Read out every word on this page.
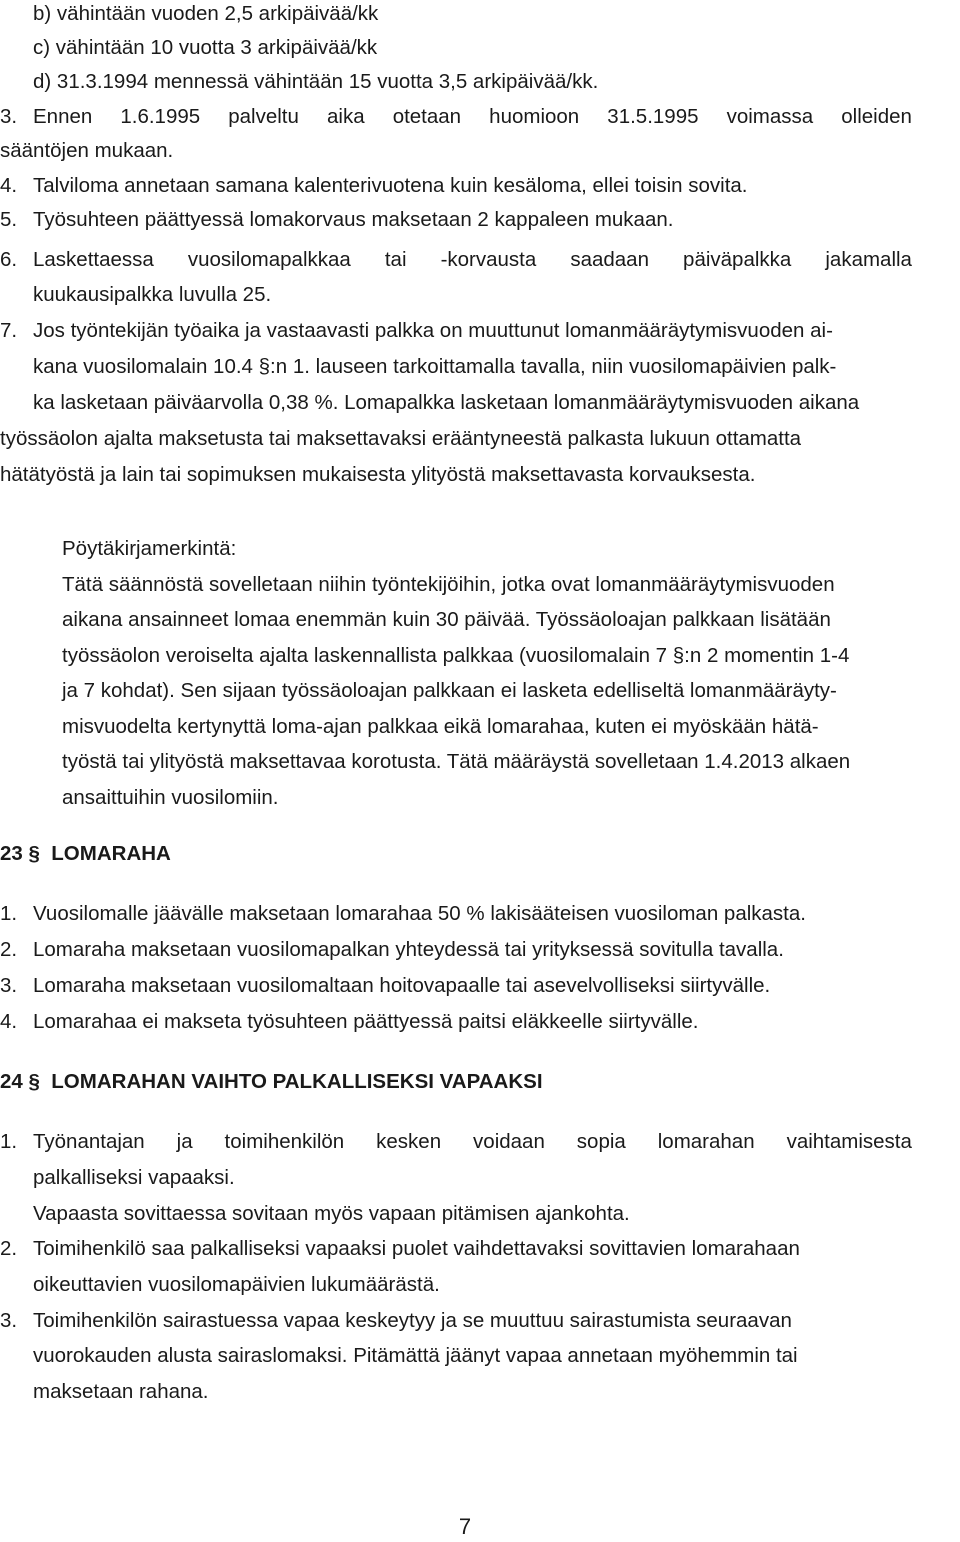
b) vähintään vuoden 2,5 arkipäivää/kk

c) vähintään 10 vuotta 3 arkipäivää/kk

d) 31.3.1994 mennessä vähintään 15 vuotta 3,5 arkipäivää/kk.

3. Ennen 1.6.1995 palveltu aika otetaan huomioon 31.5.1995 voimassa olleiden

sääntöjen mukaan.

4. Talviloma annetaan samana kalenterivuotena kuin kesäloma, ellei toisin sovita.
5. Työsuhteen päättyessä lomakorvaus maksetaan 2 kappaleen mukaan.
6. Laskettaessa vuosilomapalkkaa tai -korvausta saadaan päiväpalkka jakamalla

kuukausipalkka luvulla 25.

7. Jos työntekijän työaika ja vastaavasti palkka on muuttunut lomanmääräytymisvuoden ai-

kana vuosilomalain 10.4 §:n 1. lauseen tarkoittamalla tavalla, niin vuosilomapäivien palk-

ka lasketaan päiväarvolla 0,38 %. Lomapalkka lasketaan lomanmääräytymisvuoden aikana

työssäolon ajalta maksetusta tai maksettavaksi erääntyneestä palkasta lukuun ottamatta

hätätyöstä ja lain tai sopimuksen mukaisesta ylityöstä maksettavasta korvauksesta.

Pöytäkirjamerkintä:

Tätä säännöstä sovelletaan niihin työntekijöihin, jotka ovat lomanmääräytymisvuoden

aikana ansainneet lomaa enemmän kuin 30 päivää. Työssäoloajan palkkaan lisätään

työssäolon veroiselta ajalta laskennallista palkkaa (vuosilomalain 7 §:n 2 momentin 1-4

ja 7 kohdat). Sen sijaan työssäoloajan palkkaan ei lasketa edelliseltä lomanmääräyty-

misvuodelta kertynyttä loma-ajan palkkaa eikä lomarahaa, kuten ei myöskään hätä-

työstä tai ylityöstä maksettavaa korotusta. Tätä määräystä sovelletaan 1.4.2013 alkaen

ansaittuihin vuosilomiin.

23 §  LOMARAHA

1. Vuosilomalle jäävälle maksetaan lomarahaa 50 % lakisääteisen vuosiloman palkasta.
2. Lomaraha maksetaan vuosilomapalkan yhteydessä tai yrityksessä sovitulla tavalla.
3. Lomaraha maksetaan vuosilomaltaan hoitovapaalle tai asevelvolliseksi siirtyvälle.
4. Lomarahaa ei makseta työsuhteen päättyessä paitsi eläkkeelle siirtyvälle.

24 §  LOMARAHAN VAIHTO PALKALLISEKSI VAPAAKSI

1. Työnantajan ja toimihenkilön kesken voidaan sopia lomarahan vaihtamisesta

palkalliseksi vapaaksi.

Vapaasta sovittaessa sovitaan myös vapaan pitämisen ajankohta.

2. Toimihenkilö saa palkalliseksi vapaaksi puolet vaihdettavaksi sovittavien lomarahaan

oikeuttavien vuosilomapäivien lukumäärästä.

3. Toimihenkilön sairastuessa vapaa keskeytyy ja se muuttuu sairastumista seuraavan

vuorokauden alusta sairaslomaksi. Pitämättä jäänyt vapaa annetaan myöhemmin tai

maksetaan rahana.

7
